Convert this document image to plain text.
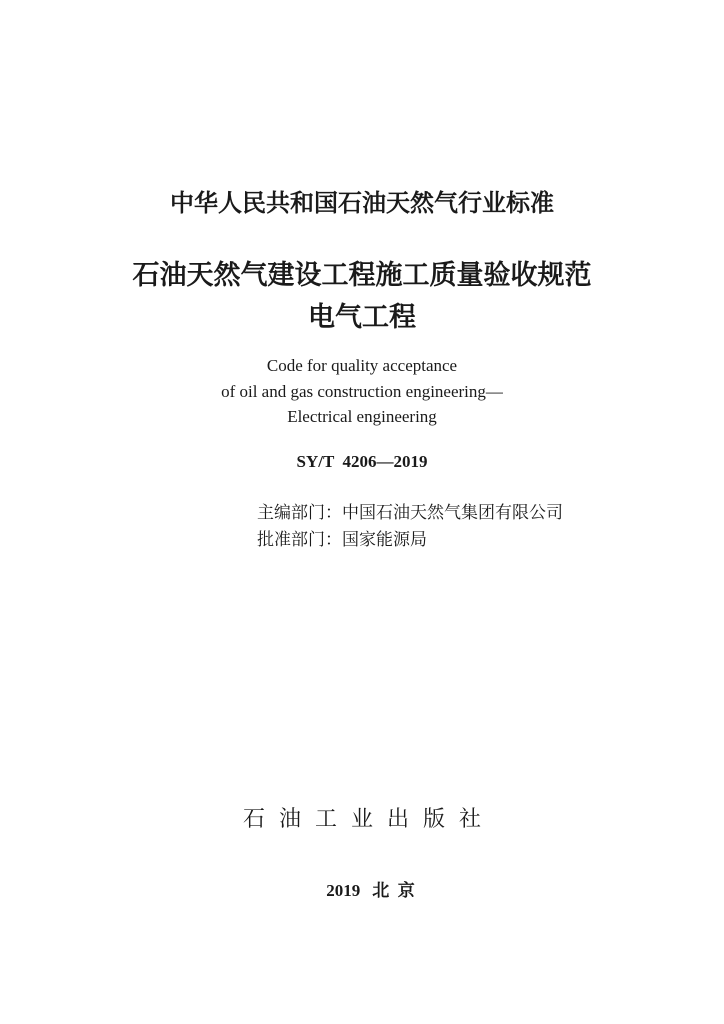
中华人民共和国石油天然气行业标准
石油天然气建设工程施工质量验收规范
电气工程
Code for quality acceptance
of oil and gas construction engineering—
Electrical engineering
SY/T  4206—2019
主编部门：中国石油天然气集团有限公司
批准部门：国家能源局
石油工业出版社

2019 北  京
